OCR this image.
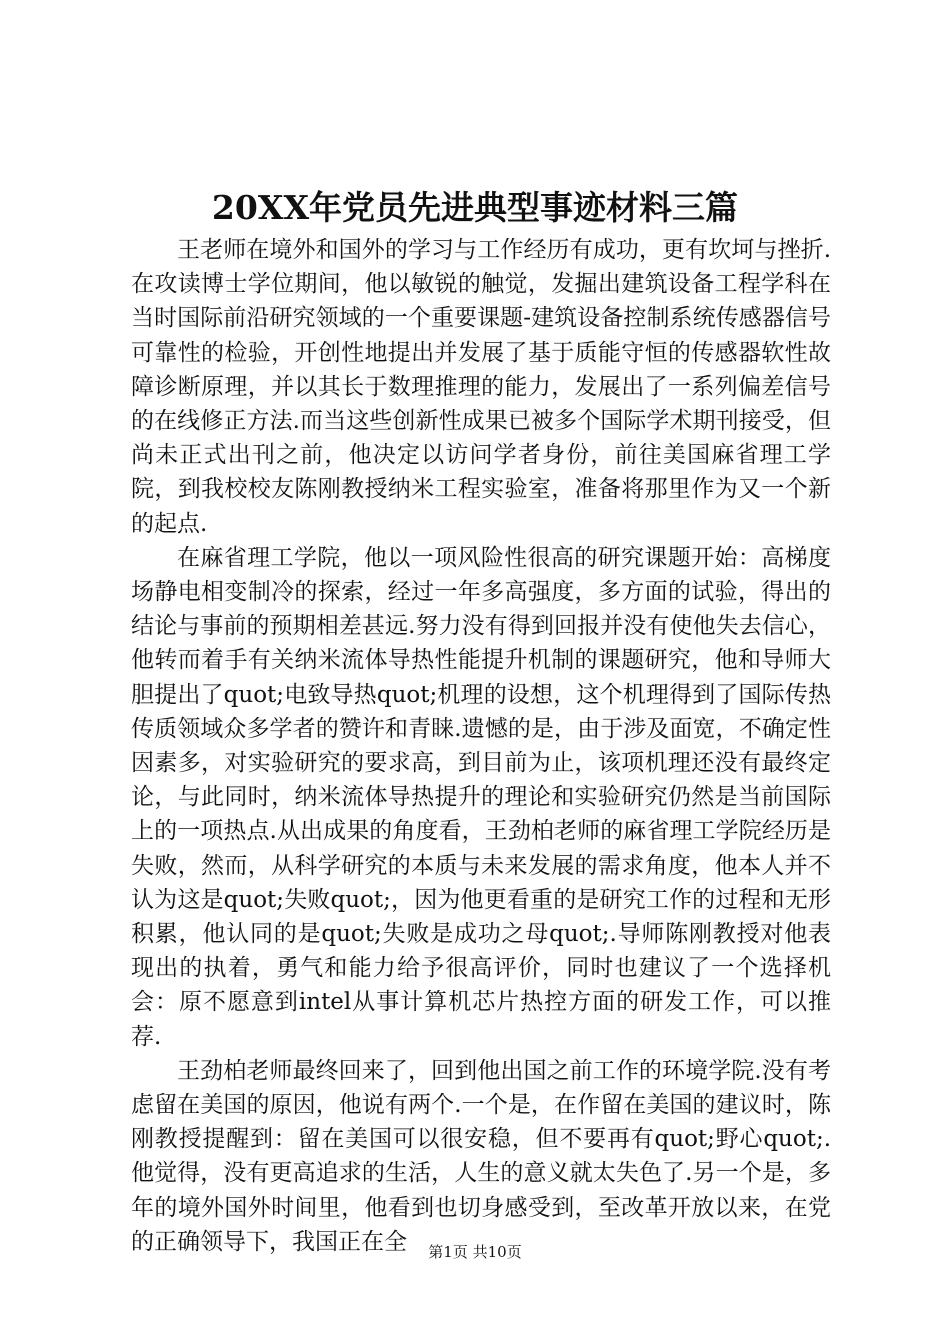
20XX年党员先进典型事迹材料三篇

王老师在境外和国外的学习与工作经历有成功，更有坎坷与挫折.在攻读博士学位期间，他以敏锐的触觉，发掘出建筑设备工程学科在当时国际前沿研究领域的一个重要课题-建筑设备控制系统传感器信号可靠性的检验，开创性地提出并发展了基于质能守恒的传感器软性故障诊断原理，并以其长于数理推理的能力，发展出了一系列偏差信号的在线修正方法.而当这些创新性成果已被多个国际学术期刊接受，但尚未正式出刊之前，他决定以访问学者身份，前往美国麻省理工学院，到我校校友陈刚教授纳米工程实验室，准备将那里作为又一个新的起点.

在麻省理工学院，他以一项风险性很高的研究课题开始：高梯度场静电相变制冷的探索，经过一年多高强度，多方面的试验，得出的结论与事前的预期相差甚远.努力没有得到回报并没有使他失去信心，他转而着手有关纳米流体导热性能提升机制的课题研究，他和导师大胆提出了quot;电致导热quot;机理的设想，这个机理得到了国际传热传质领域众多学者的赞许和青睐.遗憾的是，由于涉及面宽，不确定性因素多，对实验研究的要求高，到目前为止，该项机理还没有最终定论，与此同时，纳米流体导热提升的理论和实验研究仍然是当前国际上的一项热点.从出成果的角度看，王劲柏老师的麻省理工学院经历是失败，然而，从科学研究的本质与未来发展的需求角度，他本人并不认为这是quot;失败quot;，因为他更看重的是研究工作的过程和无形积累，他认同的是quot;失败是成功之母quot;.导师陈刚教授对他表现出的执着，勇气和能力给予很高评价，同时也建议了一个选择机会：原不愿意到intel从事计算机芯片热控方面的研发工作，可以推荐.

王劲柏老师最终回来了，回到他出国之前工作的环境学院.没有考虑留在美国的原因，他说有两个.一个是，在作留在美国的建议时，陈刚教授提醒到：留在美国可以很安稳，但不要再有quot;野心quot;.他觉得，没有更高追求的生活，人生的意义就太失色了.另一个是，多年的境外国外时间里，他看到也切身感受到，至改革开放以来，在党的正确领导下，我国正在全	第1页 共10页
